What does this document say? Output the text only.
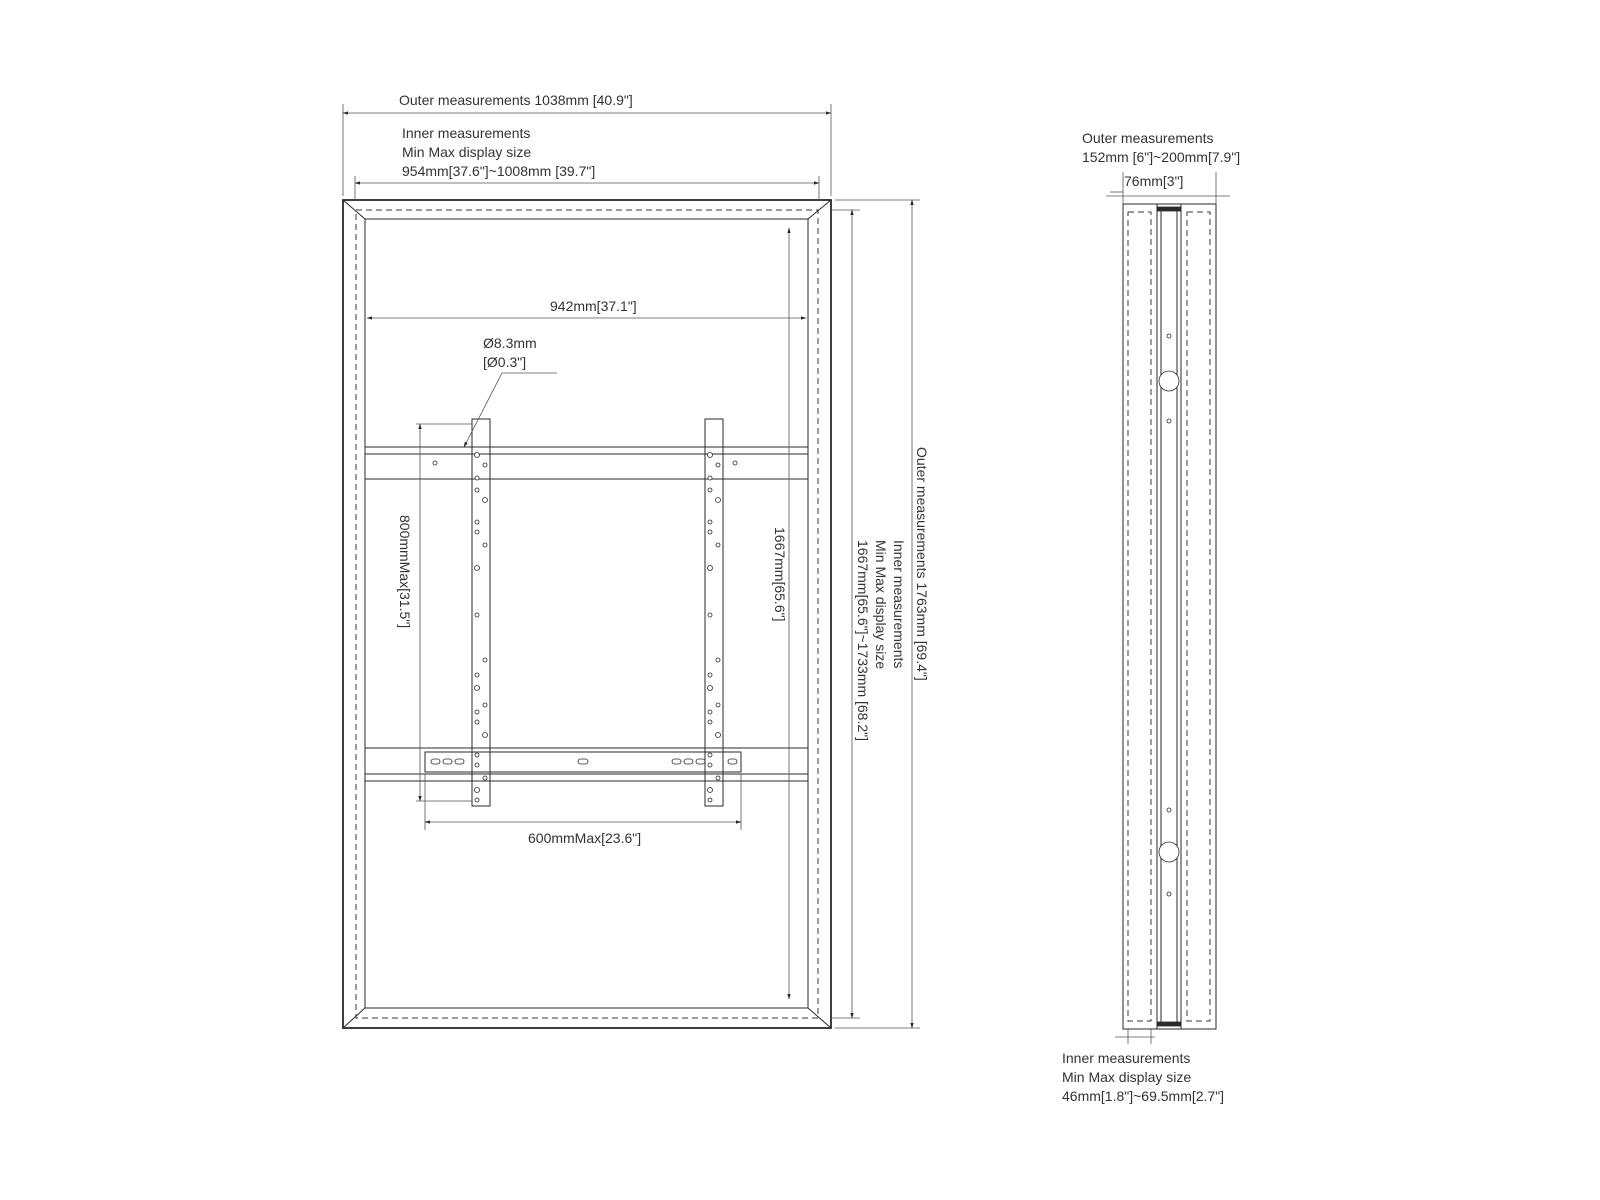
Ø8.3mm
[Ø0.3"]
Outer measurements 1038mm [40.9"]
Inner measurements
Min Max display size
954mm[37.6"]~1008mm [39.7"]
942mm[37.1"]
800mmMax[31.5"]
600mmMax[23.6"]
1667mm[65.6"]	Inner measurements
Min Max display size
1667mm[65.6"]~1733mm [68.2"]	Outer measurements 1763mm [69.4"]
Outer measurements
152mm [6"]~200mm[7.9"]
76mm[3"]
Inner measurements
Min Max display size
46mm[1.8"]~69.5mm[2.7"]
